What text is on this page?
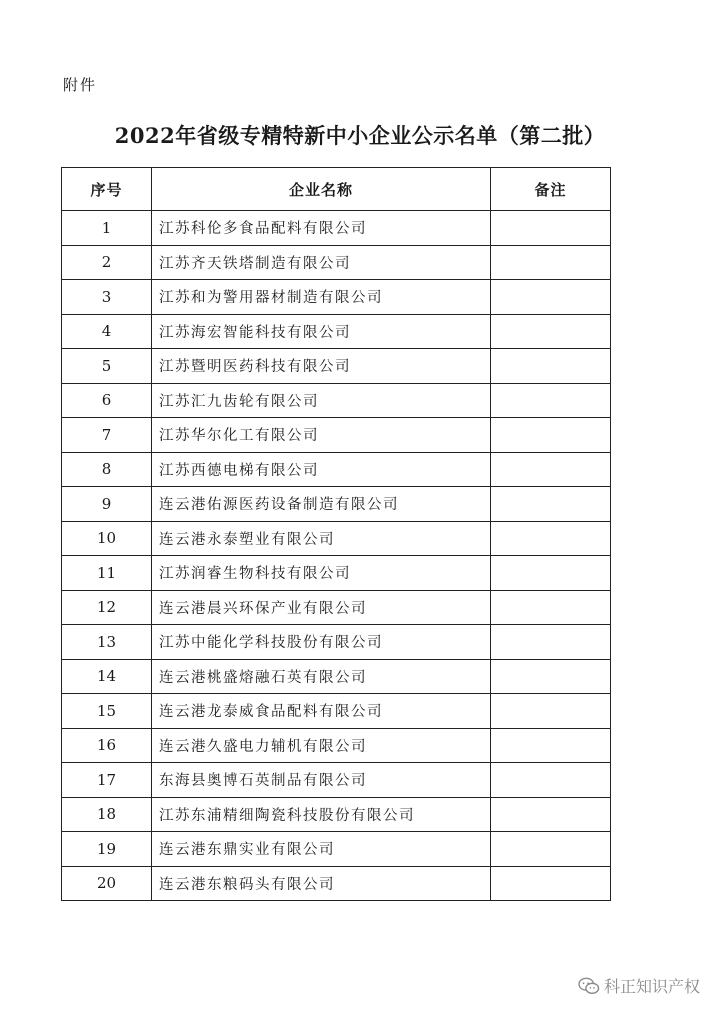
附件
2022年省级专精特新中小企业公示名单（第二批）
序号	企业名称	备注
1	江苏科伦多食品配料有限公司	
2	江苏齐天铁塔制造有限公司	
3	江苏和为警用器材制造有限公司	
4	江苏海宏智能科技有限公司	
5	江苏暨明医药科技有限公司	
6	江苏汇九齿轮有限公司	
7	江苏华尔化工有限公司	
8	江苏西德电梯有限公司	
9	连云港佑源医药设备制造有限公司	
10	连云港永泰塑业有限公司	
11	江苏润睿生物科技有限公司	
12	连云港晨兴环保产业有限公司	
13	江苏中能化学科技股份有限公司	
14	连云港桃盛熔融石英有限公司	
15	连云港龙泰威食品配料有限公司	
16	连云港久盛电力辅机有限公司	
17	东海县奥博石英制品有限公司	
18	江苏东浦精细陶瓷科技股份有限公司	
19	连云港东鼎实业有限公司	
20	连云港东粮码头有限公司	
科正知识产权
